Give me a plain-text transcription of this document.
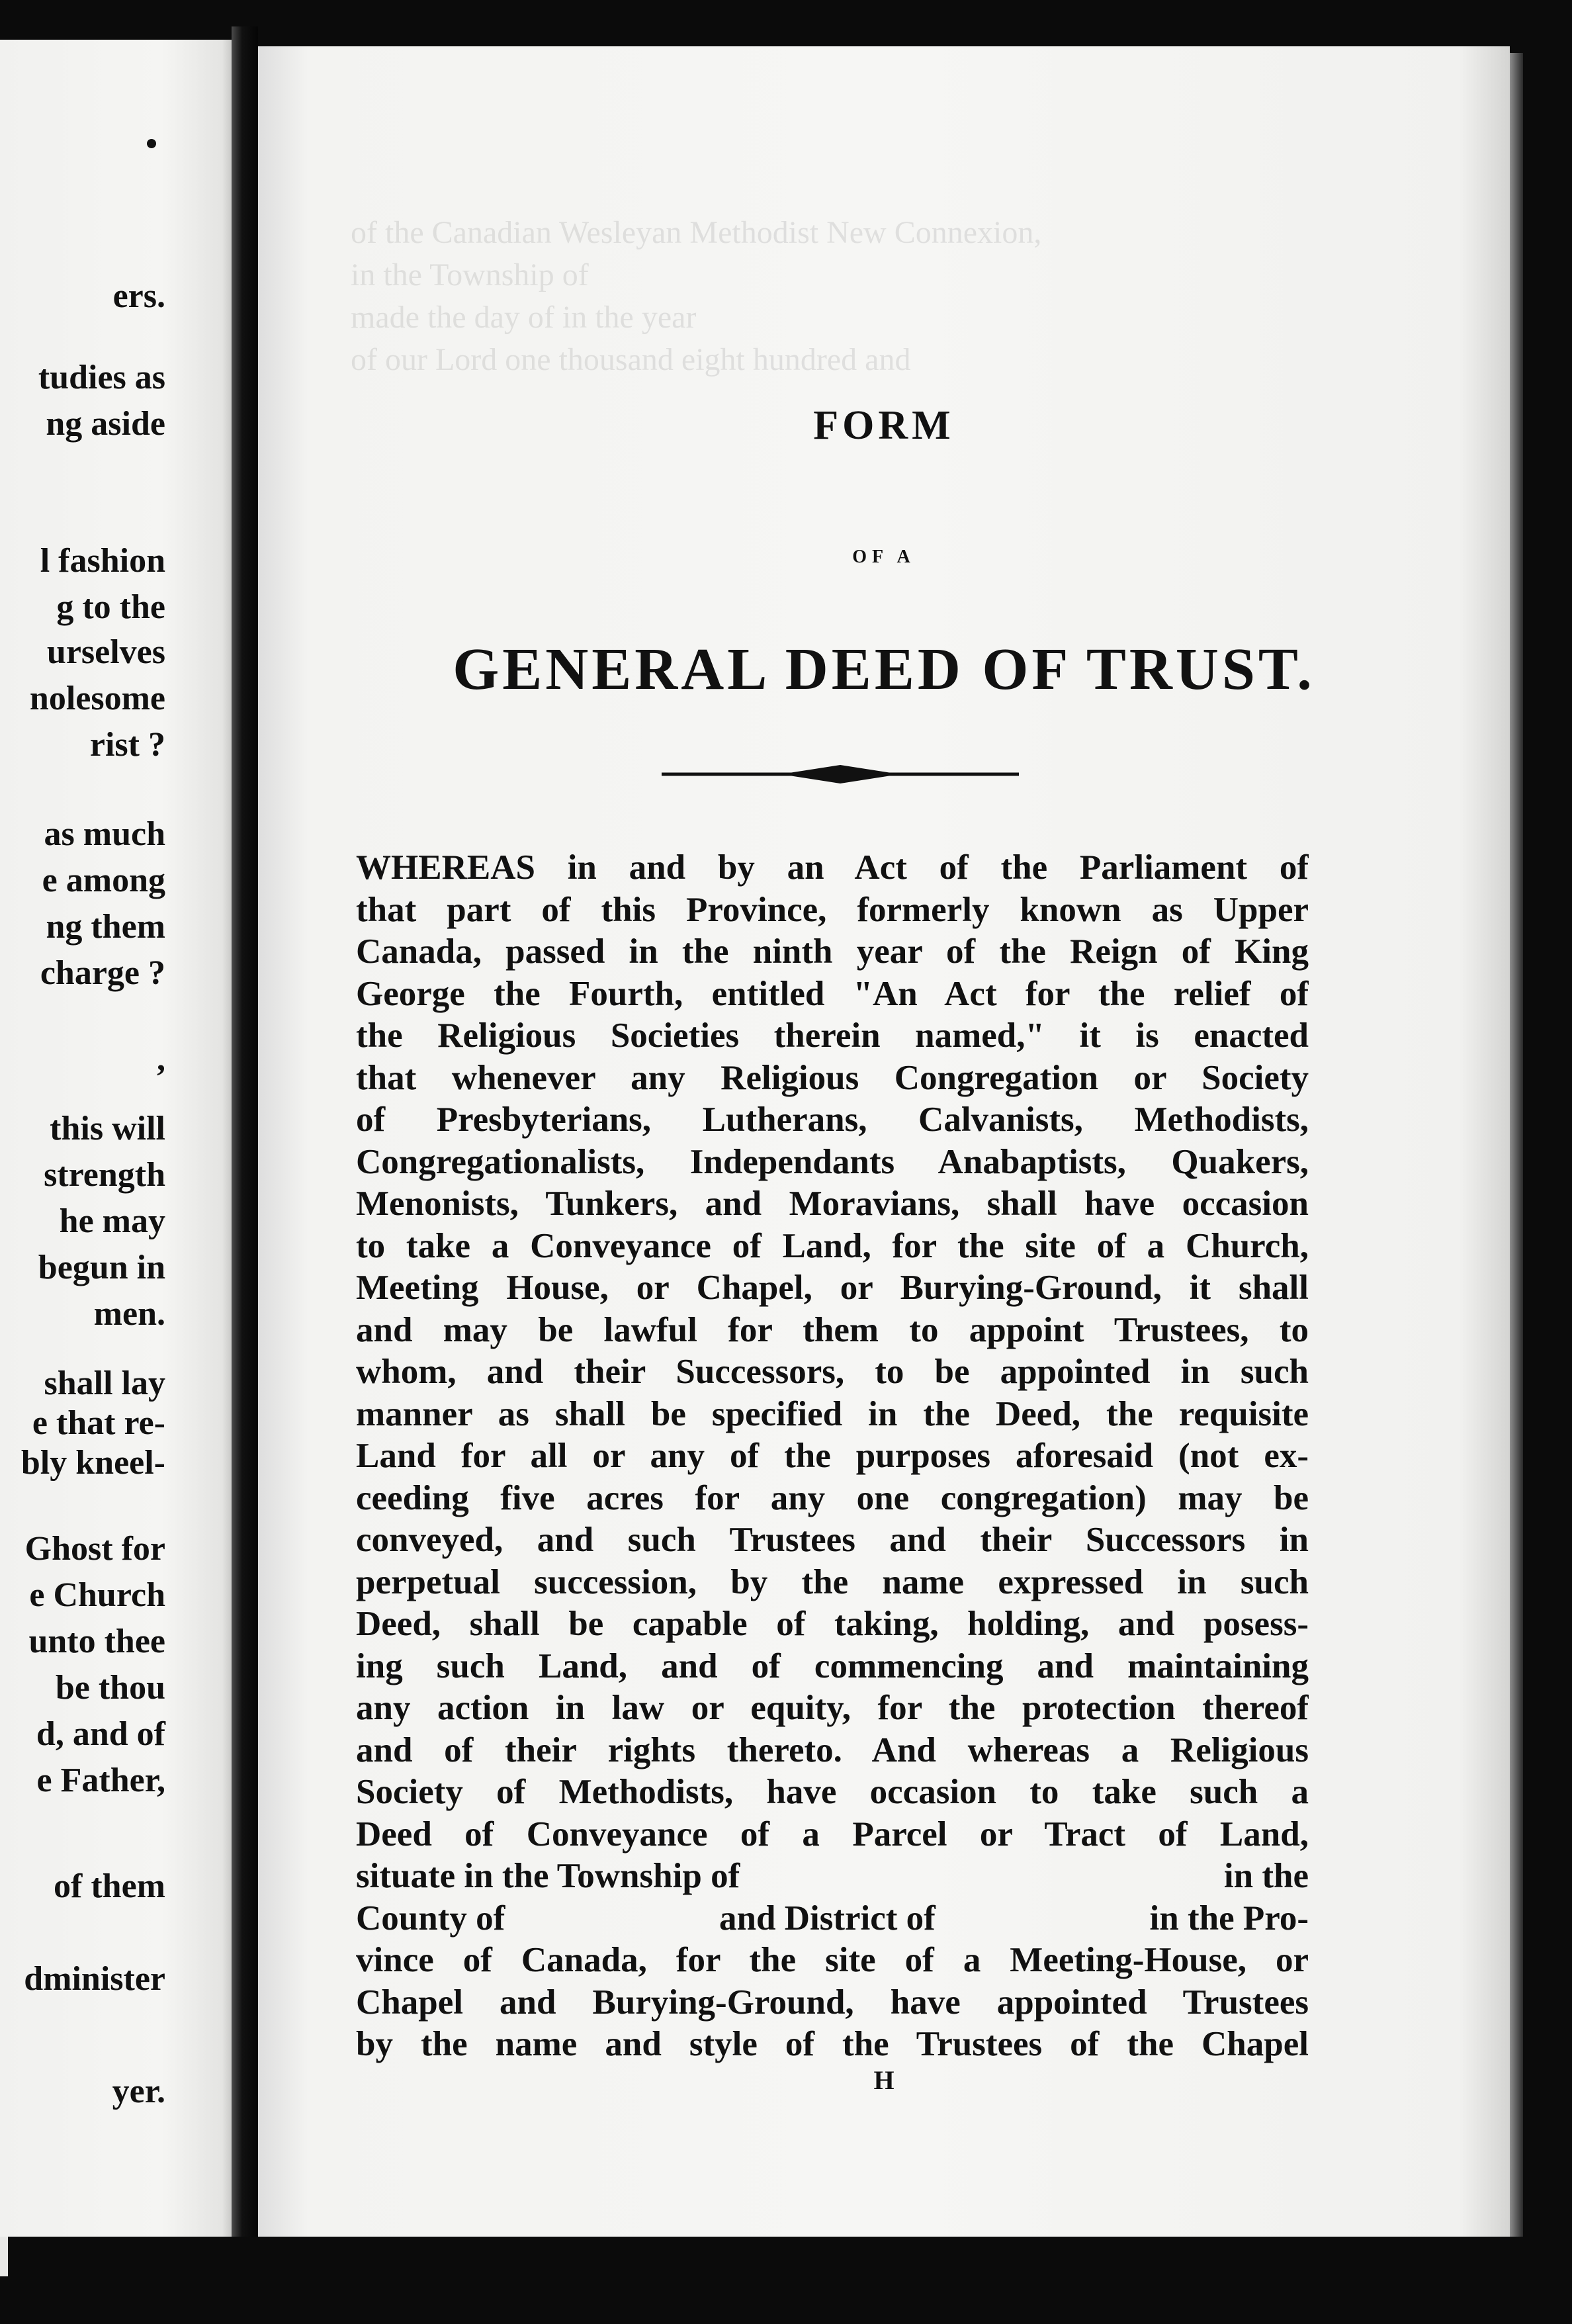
ers.
tudies as
ng aside
l fashion
g to the
urselves
nolesome
rist ?
as much
e among
ng them
charge ?
,
this will
strength
he may
begun in
men.
shall lay
e that re-
bly kneel-
Ghost for
e Church
unto thee
be thou
d, and of
e Father,
of them
dminister
yer.
of the Canadian Wesleyan Methodist New Connexion,
in the Township of
made the day of in the year
of our Lord one thousand eight hundred and
FORM
OF A
GENERAL DEED OF TRUST.
WHEREAS in and by an Act of the Parliament of
that part of this Province, formerly known as Upper
Canada, passed in the ninth year of the Reign of King
George the Fourth, entitled "An Act for the relief of
the Religious Societies therein named," it is enacted
that whenever any Religious Congregation or Society
of Presbyterians, Lutherans, Calvanists, Methodists,
Congregationalists, Independants Anabaptists, Quakers,
Menonists, Tunkers, and Moravians, shall have occasion
to take a Conveyance of Land, for the site of a Church,
Meeting House, or Chapel, or Burying-Ground, it shall
and may be lawful for them to appoint Trustees, to
whom, and their Successors, to be appointed in such
manner as shall be specified in the Deed, the requisite
Land for all or any of the purposes aforesaid (not ex-
ceeding five acres for any one congregation) may be
conveyed, and such Trustees and their Successors in
perpetual succession, by the name expressed in such
Deed, shall be capable of taking, holding, and posess-
ing such Land, and of commencing and maintaining
any action in law or equity, for the protection thereof
and of their rights thereto. And whereas a Religious
Society of Methodists, have occasion to take such a
Deed of Conveyance of a Parcel or Tract of Land,
situate in the Township of	in the
County of	and District of	in the Pro-
vince of Canada, for the site of a Meeting-House, or
Chapel and Burying-Ground, have appointed Trustees
by the name and style of the Trustees of the Chapel
H
